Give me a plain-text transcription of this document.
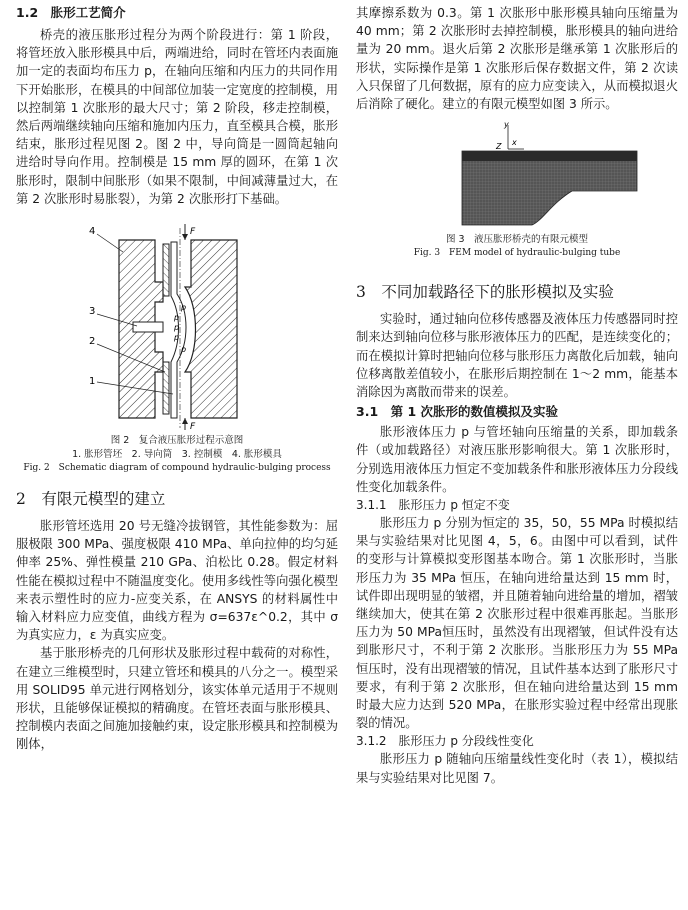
1.2　胀形工艺简介

桥壳的液压胀形过程分为两个阶段进行：第 1 阶段，将管坯放入胀形模具中后，两端进给，同时在管坯内表面施加一定的表面均布压力 p，在轴向压缩和内压力的共同作用下开始胀形，在模具的中间部位加装一定宽度的控制模，用以控制第 1 次胀形的最大尺寸；第 2 阶段，移走控制模，然后两端继续轴向压缩和施加内压力，直至模具合模，胀形结束，胀形过程见图 2。图 2 中，导向筒是一圆筒起轴向进给时导向作用。控制模是 15 mm 厚的圆环，在第 1 次胀形时，限制中间胀形（如果不限制，中间减薄量过大，在第 2 次胀形时易胀裂），为第 2 次胀形打下基础。

4
3
2
1
F
F
p
p
p
p
p
图 2　复合液压胀形过程示意图
1. 胀形管坯　2. 导向筒　3. 控制模　4. 胀形模具
Fig. 2　Schematic diagram of compound hydraulic-bulging process
2　有限元模型的建立

胀形管坯选用 20 号无缝冷拔钢管，其性能参数为：屈服极限 300 MPa、强度极限 410 MPa、单向拉伸的均匀延伸率 25%、弹性模量 210 GPa、泊松比 0.28。假定材料性能在模拟过程中不随温度变化。使用多线性等向强化模型来表示塑性时的应力-应变关系，在 ANSYS 的材料属性中输入材料应力应变值，曲线方程为 σ=637ε^0.2，其中 σ 为真实应力，ε 为真实应变。

基于胀形桥壳的几何形状及胀形过程中载荷的对称性，在建立三维模型时，只建立管坯和模具的八分之一。模型采用 SOLID95 单元进行网格划分，该实体单元适用于不规则形状，且能够保证模拟的精确度。在管坯表面与胀形模具、控制模内表面之间施加接触约束，设定胀形模具和控制模为刚体，

其摩擦系数为 0.3。第 1 次胀形中胀形模具轴向压缩量为 40 mm；第 2 次胀形时去掉控制模，胀形模具的轴向进给量为 20 mm。退火后第 2 次胀形是继承第 1 次胀形后的形状，实际操作是第 1 次胀形后保存数据文件，第 2 次读入只保留了几何数据，原有的应力应变读入，从而模拟退火后消除了硬化。建立的有限元模型如图 3 所示。

y
Z x
图 3　液压胀形桥壳的有限元模型
Fig. 3　FEM model of hydraulic-bulging tube
3　不同加载路径下的胀形模拟及实验

实验时，通过轴向位移传感器及液体压力传感器同时控制来达到轴向位移与胀形液体压力的匹配，是连续变化的；而在模拟计算时把轴向位移与胀形压力离散化后加载，轴向位移离散差值较小，在胀形后期控制在 1～2 mm，能基本消除因为离散而带来的误差。

3.1　第 1 次胀形的数值模拟及实验

胀形液体压力 p 与管坯轴向压缩量的关系，即加载条件（或加载路径）对液压胀形影响很大。第 1 次胀形时，分别选用液体压力恒定不变加载条件和胀形液体压力分段线性变化加载条件。

3.1.1　胀形压力 p 恒定不变

胀形压力 p 分别为恒定的 35，50，55 MPa 时模拟结果与实验结果对比见图 4，5，6。由图中可以看到，试件的变形与计算模拟变形图基本吻合。第 1 次胀形时，当胀形压力为 35 MPa 恒压，在轴向进给量达到 15 mm 时，试件即出现明显的皱褶，并且随着轴向进给量的增加，褶皱继续加大，使其在第 2 次胀形过程中很难再胀起。当胀形压力为 50 MPa恒压时，虽然没有出现褶皱，但试件没有达到胀形尺寸，不利于第 2 次胀形。当胀形压力为 55 MPa恒压时，没有出现褶皱的情况，且试件基本达到了胀形尺寸要求，有利于第 2 次胀形，但在轴向进给量达到 15 mm 时最大应力达到 520 MPa，在胀形实验过程中经常出现胀裂的情况。

3.1.2　胀形压力 p 分段线性变化

胀形压力 p 随轴向压缩量线性变化时（表 1），模拟结果与实验结果对比见图 7。
